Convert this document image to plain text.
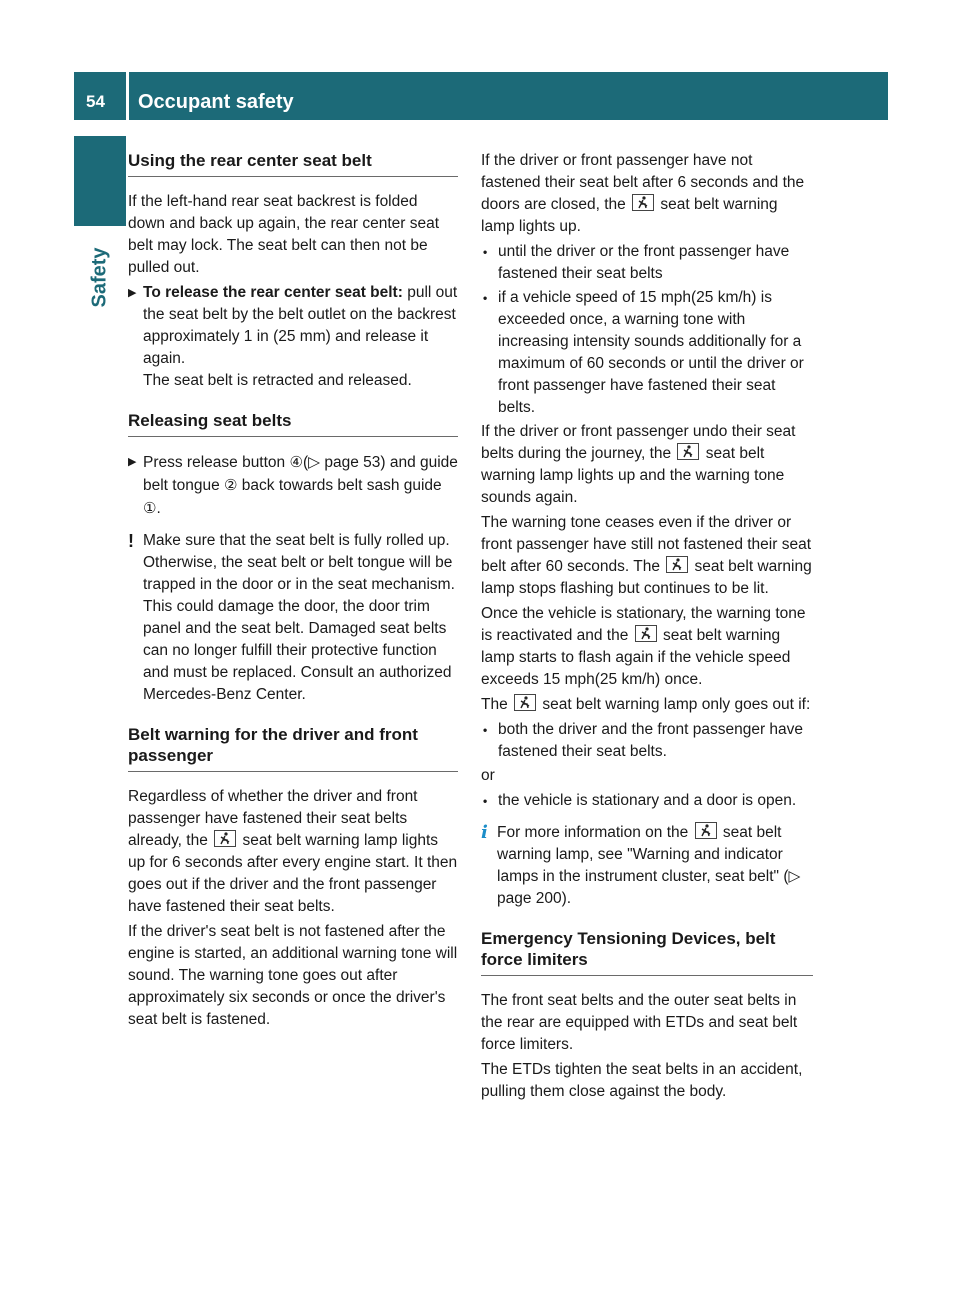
54	Occupant safety
Safety
Using the rear center seat belt

If the left-hand rear seat backrest is folded down and back up again, the rear center seat belt may lock. The seat belt can then not be pulled out.

▶ To release the rear center seat belt: pull out the seat belt by the belt outlet on the backrest approximately 1 in (25 mm) and release it again.
The seat belt is retracted and released.
Releasing seat belts
▶ Press release button ④(▷ page 53) and guide belt tongue ② back towards belt sash guide ①.
! Make sure that the seat belt is fully rolled up. Otherwise, the seat belt or belt tongue will be trapped in the door or in the seat mechanism. This could damage the door, the door trim panel and the seat belt. Damaged seat belts can no longer fulfill their protective function and must be replaced. Consult an authorized Mercedes-Benz Center.
Belt warning for the driver and front passenger

Regardless of whether the driver and front passenger have fastened their seat belts already, the
seat belt warning lamp lights up for 6 seconds after every engine start. It then goes out if the driver and the front passenger have fastened their seat belts.

If the driver's seat belt is not fastened after the engine is started, an additional warning tone will sound. The warning tone goes out after approximately six seconds or once the driver's seat belt is fastened.

If the driver or front passenger have not fastened their seat belt after 6 seconds and the doors are closed, the
seat belt warning lamp lights up.

• until the driver or the front passenger have fastened their seat belts
• if a vehicle speed of 15 mph(25 km/h) is exceeded once, a warning tone with increasing intensity sounds additionally for a maximum of 60 seconds or until the driver or front passenger have fastened their seat belts.

If the driver or front passenger undo their seat belts during the journey, the
seat belt warning lamp lights up and the warning tone sounds again.

The warning tone ceases even if the driver or front passenger have still not fastened their seat belt after 60 seconds. The
seat belt warning lamp stops flashing but continues to be lit.

Once the vehicle is stationary, the warning tone is reactivated and the
seat belt warning lamp starts to flash again if the vehicle speed exceeds 15 mph(25 km/h) once.

The
seat belt warning lamp only goes out if:

• both the driver and the front passenger have fastened their seat belts.

or

• the vehicle is stationary and a door is open.
i For more information on the
seat belt warning lamp, see "Warning and indicator lamps in the instrument cluster, seat belt" (▷ page 200).
Emergency Tensioning Devices, belt force limiters

The front seat belts and the outer seat belts in the rear are equipped with ETDs and seat belt force limiters.

The ETDs tighten the seat belts in an accident, pulling them close against the body.
